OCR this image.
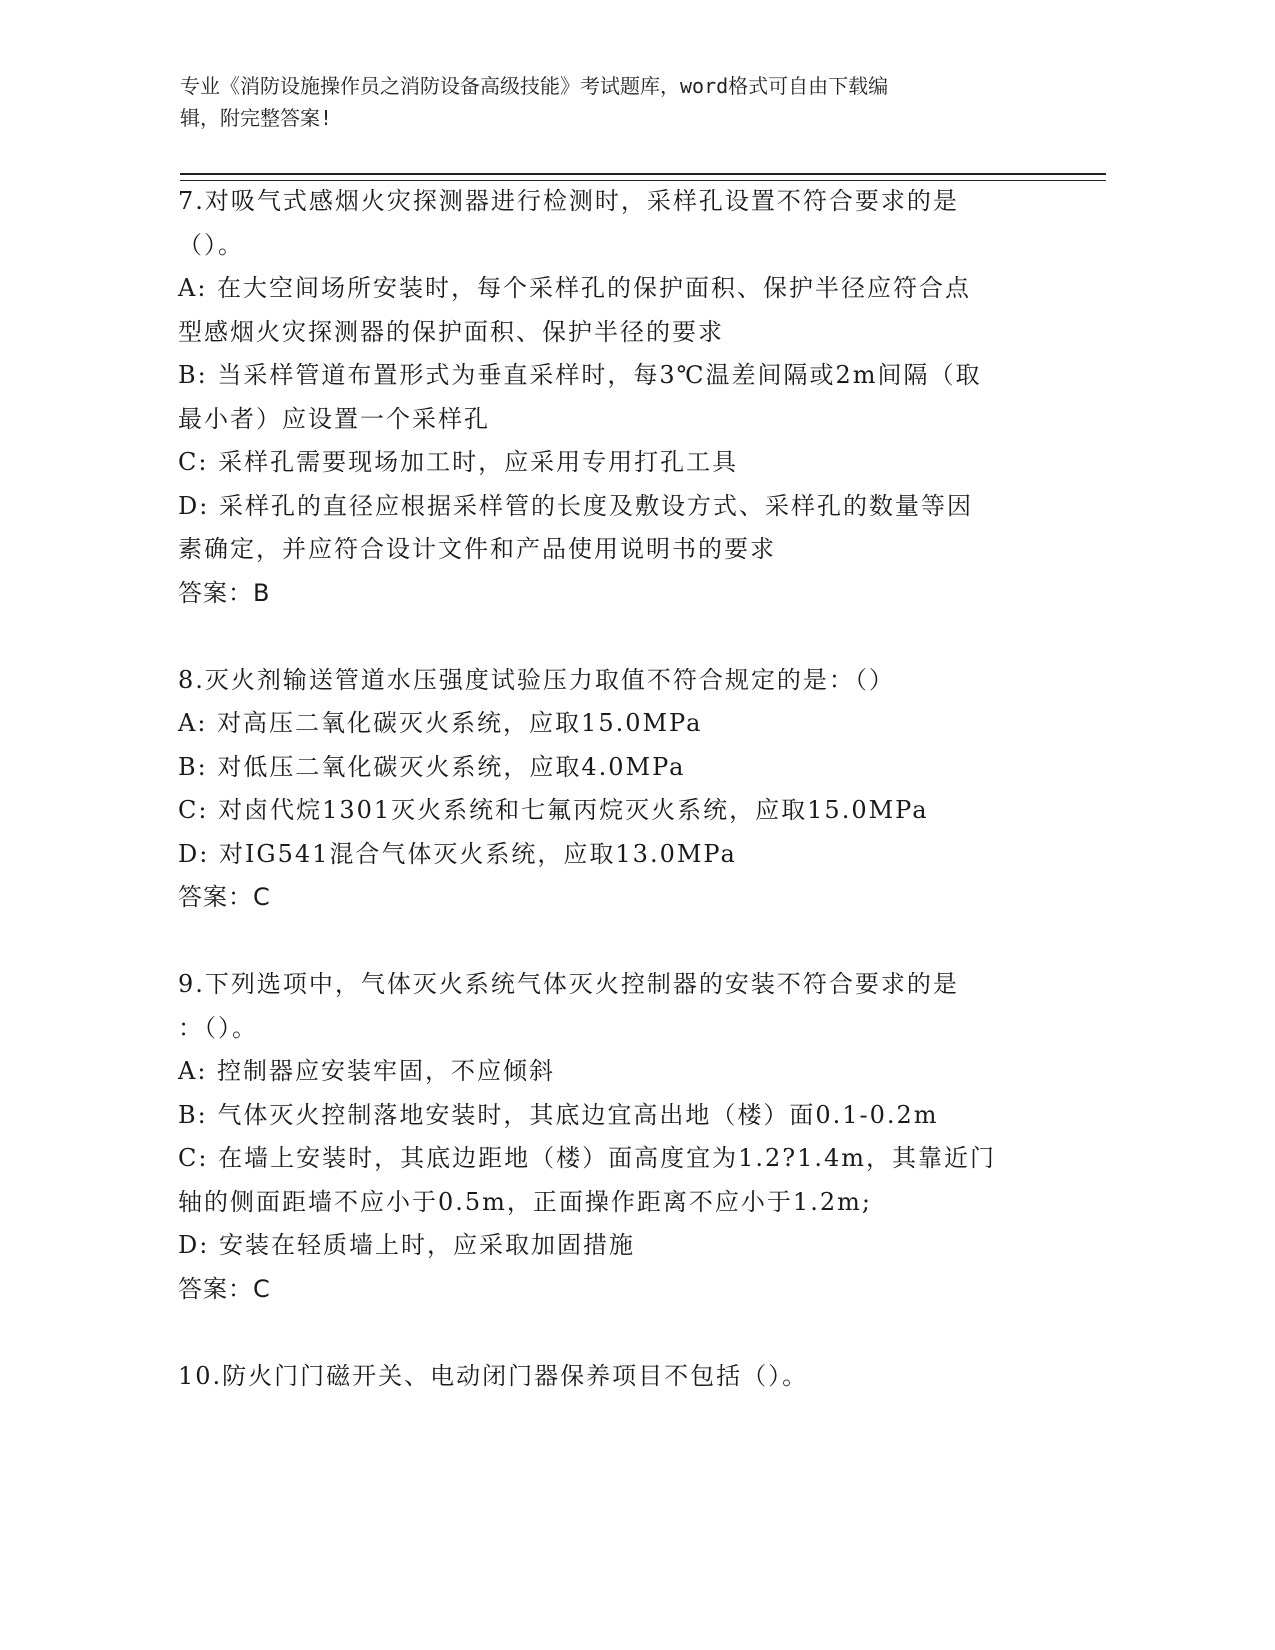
专业《消防设施操作员之消防设备高级技能》考试题库，word格式可自由下载编
辑，附完整答案!
7.对吸气式感烟火灾探测器进行检测时，采样孔设置不符合要求的是
（）。
A: 在大空间场所安装时，每个采样孔的保护面积、保护半径应符合点
型感烟火灾探测器的保护面积、保护半径的要求
B: 当采样管道布置形式为垂直采样时，每3℃温差间隔或2m间隔（取
最小者）应设置一个采样孔
C: 采样孔需要现场加工时，应采用专用打孔工具
D: 采样孔的直径应根据采样管的长度及敷设方式、采样孔的数量等因
素确定，并应符合设计文件和产品使用说明书的要求
答案：B
8.灭火剂输送管道水压强度试验压力取值不符合规定的是：（）
A: 对高压二氧化碳灭火系统，应取15.0MPa
B: 对低压二氧化碳灭火系统，应取4.0MPa
C: 对卤代烷1301灭火系统和七氟丙烷灭火系统，应取15.0MPa
D: 对IG541混合气体灭火系统，应取13.0MPa
答案：C
9.下列选项中，气体灭火系统气体灭火控制器的安装不符合要求的是
：（）。
A: 控制器应安装牢固，不应倾斜
B: 气体灭火控制落地安装时，其底边宜高出地（楼）面0.1-0.2m
C: 在墙上安装时，其底边距地（楼）面高度宜为1.2?1.4m，其靠近门
轴的侧面距墙不应小于0.5m，正面操作距离不应小于1.2m;
D: 安装在轻质墙上时，应采取加固措施
答案：C
10.防火门门磁开关、电动闭门器保养项目不包括（）。
